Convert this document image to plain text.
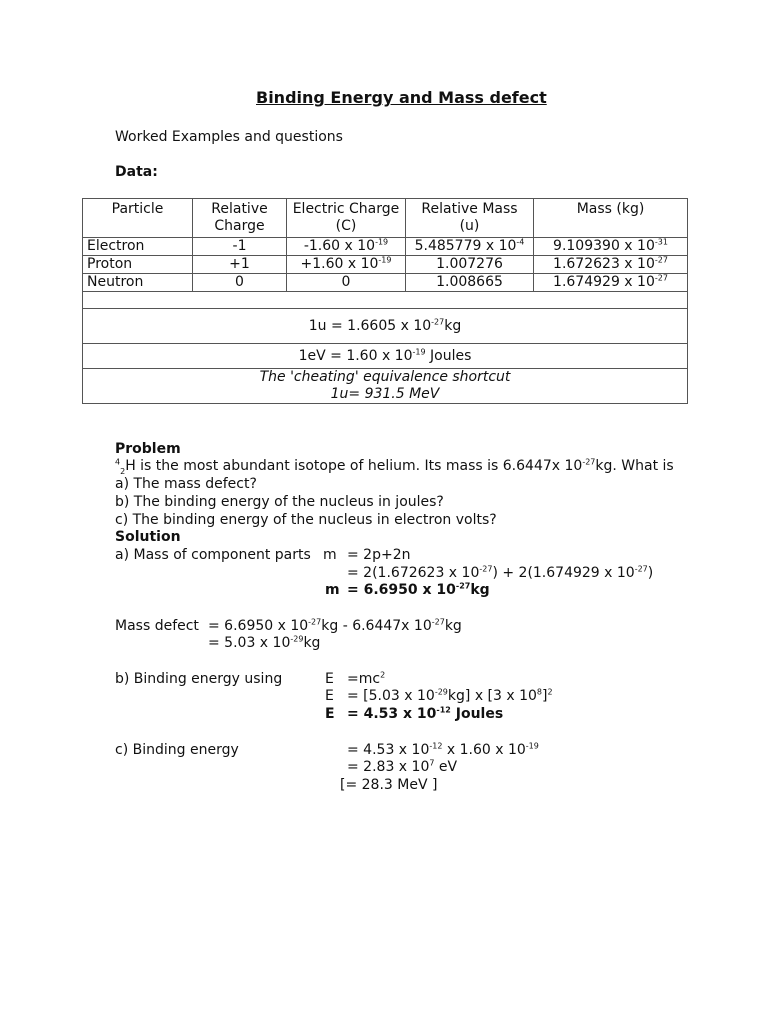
Binding Energy and Mass defect
Worked Examples and questions
Data:
Particle	Relative Charge	Electric Charge (C)	Relative Mass (u)	Mass (kg)
Electron	-1	-1.60 x $10^{-19}$	5.485779 x $10^{-4}$	9.109390 x $10^{-31}$
Proton	+1	+1.60 x $10^{-19}$	1.007276	1.672623 x $10^{-27}$
Neutron	0	0	1.008665	1.674929 x $10^{-27}$

1u = 1.6605 x $10^{-27}kg$				
1eV = 1.60 x $10^{-19}$ Joules				

The 'cheating' equivalence shortcut
1u= 931.5 MeV				
Problem
$^4_2$H is the most abundant isotope of helium. Its mass is 6.6447x $10^{-27}kg$. What is
a) The mass defect?
b) The binding energy of the nucleus in joules?
c) The binding energy of the nucleus in electron volts?
Solution
a) Mass of component parts m = 2p+2n
= 2(1.672623 x $10^{-27}) + 2(1.674929$ x $10^{-27}$)
m = 6.6950 x $10^{-27}kg$
Mass defect = 6.6950 x $10^{-27}kg - 6.6447x$ $10^{-27}kg$
= 5.03 x $10^{-29}kg$
b) Binding energy using	$E =mc^2$
E = [5.03 x $10^{-29}kg$] x [3 x $10^8]^2$
E = 4.53 x $10^{-12}$ Joules
c) Binding energy	= 4.53 x $10^{-12}$ x 1.60 x $10^{-19}$
= 2.83 x $10^7$ eV
[= 28.3 MeV ]
